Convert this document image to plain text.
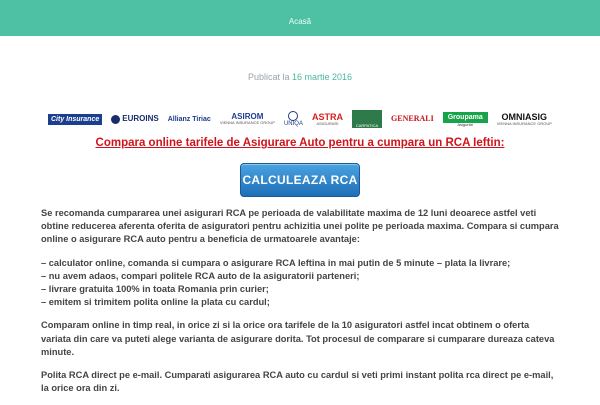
Acasă
Publicat la 16 martie 2016
City Insurance	EUROINS Allianz Tiriac	ASIROM
VIENNA INSURANCE GROUP UNIQA
ASTRA
ASIGURARI	CARPATICA
GENERALI	Groupama
Asigurări
OMNIASIG
VIENNA INSURANCE GROUP
Compara online tarifele de Asigurare Auto pentru a cumpara un RCA Ieftin:
CALCULEAZA RCA

Se recomanda cumpararea unei asigurari RCA pe perioada de valabilitate maxima de 12 luni deoarece astfel veti obtine reducerea aferenta oferita de asiguratori pentru achizitia unei polite pe perioada maxima. Compara si cumpara online o asigurare RCA auto pentru a beneficia de urmatoarele avantaje:

– calculator online, comanda si cumpara o asigurare RCA Ieftina in mai putin de 5 minute – plata la livrare;
– nu avem adaos, compari politele RCA auto de la asiguratorii parteneri;
– livrare gratuita 100% in toata Romania prin curier;
– emitem si trimitem polita online la plata cu cardul;

Comparam online in timp real, in orice zi si la orice ora tarifele de la 10 asiguratori astfel incat obtinem o oferta variata din care va puteti alege varianta de asigurare dorita. Tot procesul de comparare si cumparare dureaza cateva minute.

Polita RCA direct pe e-mail. Cumparati asigurarea RCA auto cu cardul si veti primi instant polita rca direct pe e-mail, la orice ora din zi.
